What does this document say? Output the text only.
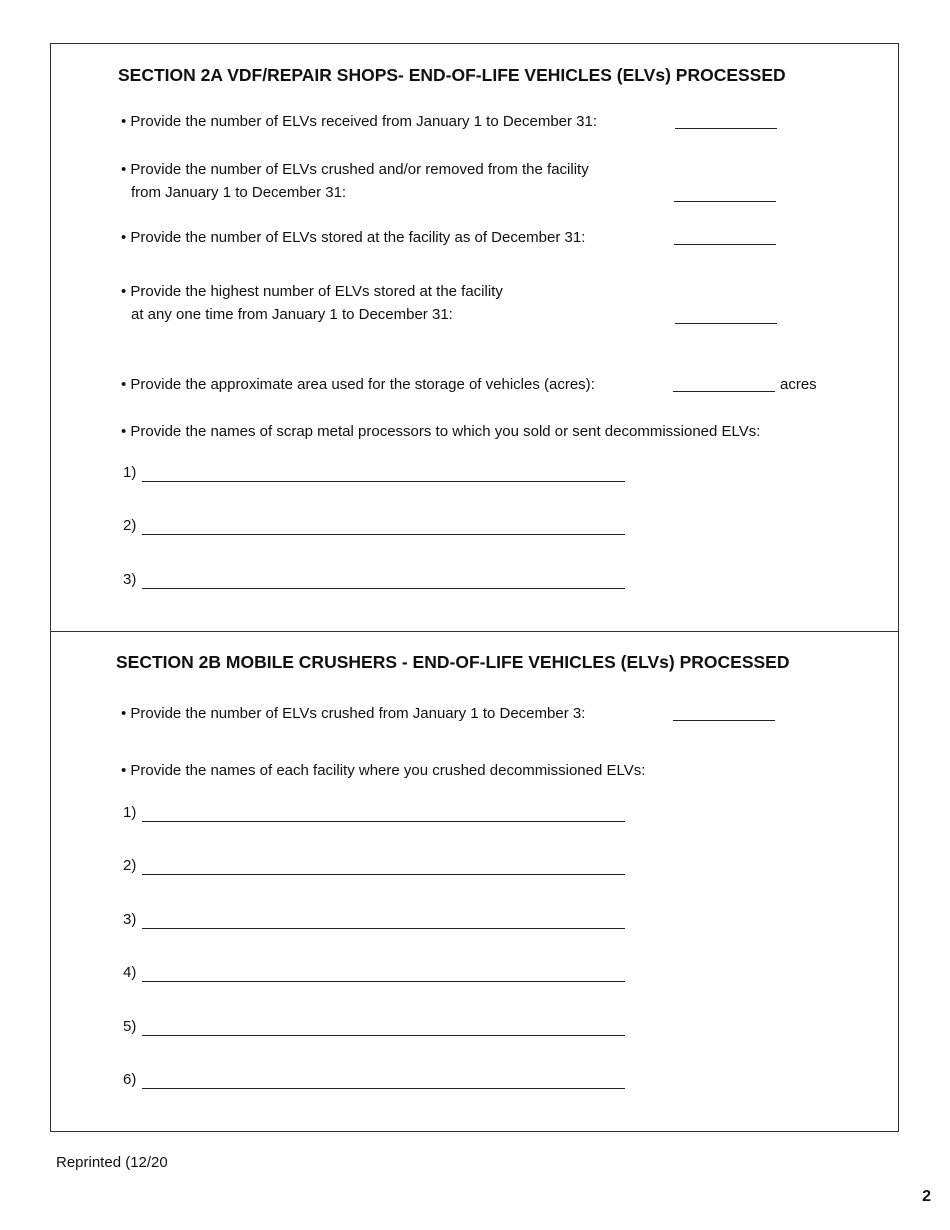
SECTION 2A VDF/REPAIR SHOPS- END-OF-LIFE VEHICLES (ELVs) PROCESSED
• Provide the number of ELVs received from January 1 to December 31:
• Provide the number of ELVs crushed and/or removed from the facility
from January 1 to December 31:
• Provide the number of ELVs stored at the facility as of December 31:
• Provide the highest number of ELVs stored at the facility
at any one time from January 1 to December 31:
• Provide the approximate area used for the storage of vehicles (acres):	acres
• Provide the names of scrap metal processors to which you sold or sent decommissioned ELVs:
1)
2)
3)
SECTION 2B MOBILE CRUSHERS - END-OF-LIFE VEHICLES (ELVs) PROCESSED
• Provide the number of ELVs crushed from January 1 to December 3:
• Provide the names of each facility where you crushed decommissioned ELVs:
1)
2)
3)
4)
5)
6)
Reprinted (12/20
2
